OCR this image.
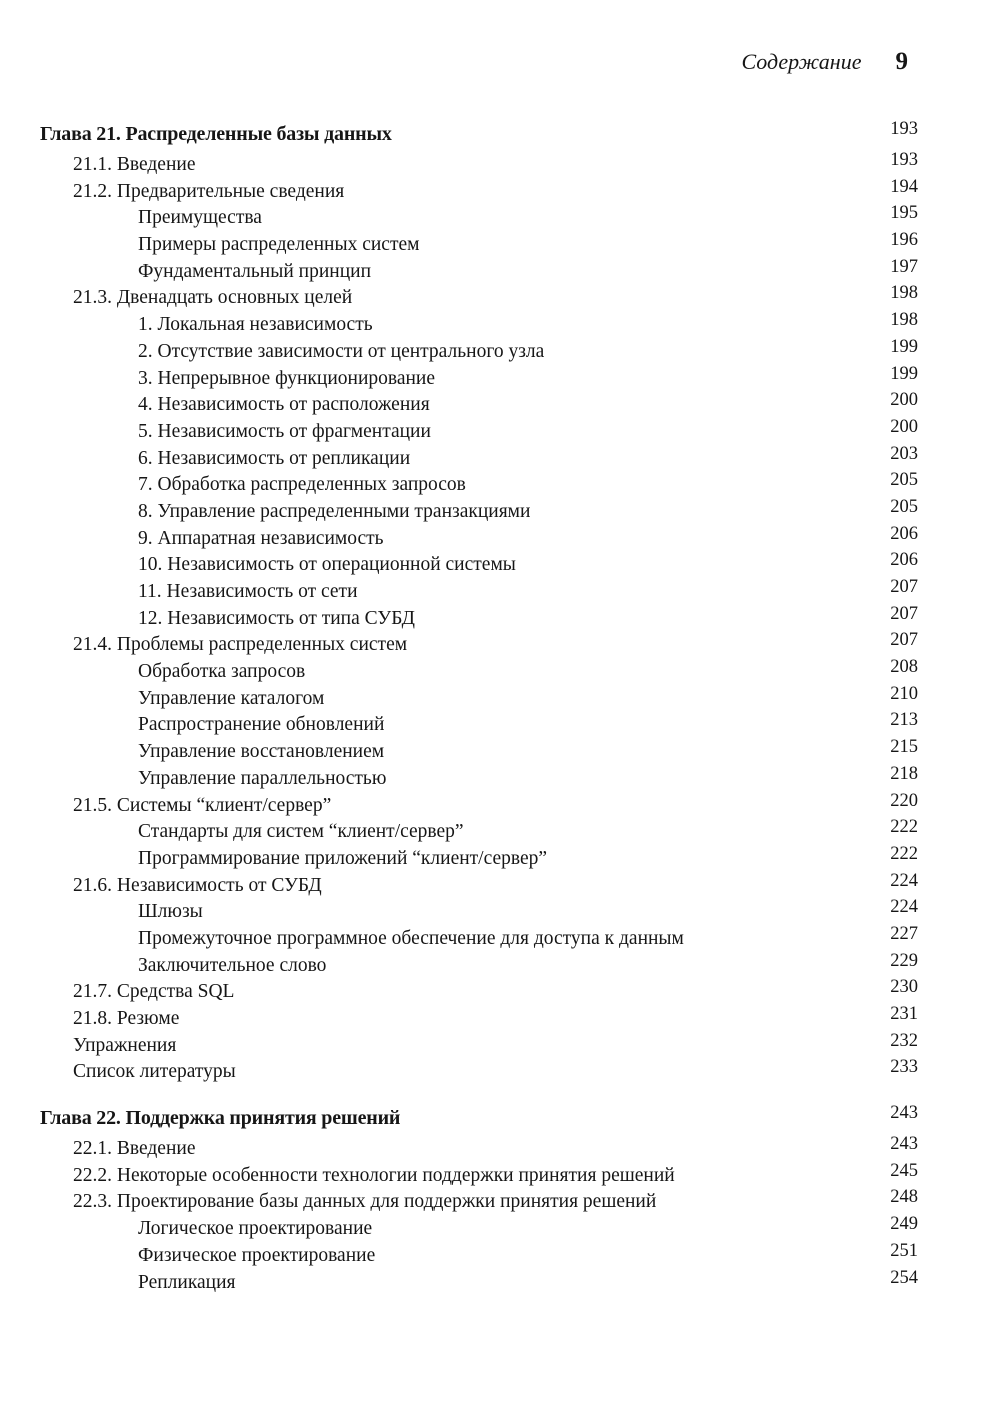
Содержание 9
Глава 21. Распределенные базы данных	193
21.1. Введение	193
21.2. Предварительные сведения	194
Преимущества	195
Примеры распределенных систем	196
Фундаментальный принцип	197
21.3. Двенадцать основных целей	198
1. Локальная независимость	198
2. Отсутствие зависимости от центрального узла	199
3. Непрерывное функционирование	199
4. Независимость от расположения	200
5. Независимость от фрагментации	200
6. Независимость от репликации	203
7. Обработка распределенных запросов	205
8. Управление распределенными транзакциями	205
9. Аппаратная независимость	206
10. Независимость от операционной системы	206
11. Независимость от сети	207
12. Независимость от типа СУБД	207
21.4. Проблемы распределенных систем	207
Обработка запросов	208
Управление каталогом	210
Распространение обновлений	213
Управление восстановлением	215
Управление параллельностью	218
21.5. Системы “клиент/сервер”	220
Стандарты для систем “клиент/сервер”	222
Программирование приложений “клиент/сервер”	222
21.6. Независимость от СУБД	224
Шлюзы	224
Промежуточное программное обеспечение для доступа к данным	227
Заключительное слово	229
21.7. Средства SQL	230
21.8. Резюме	231
Упражнения	232
Список литературы	233
Глава 22. Поддержка принятия решений	243
22.1. Введение	243
22.2. Некоторые особенности технологии поддержки принятия решений	245
22.3. Проектирование базы данных для поддержки принятия решений	248
Логическое проектирование	249
Физическое проектирование	251
Репликация	254
